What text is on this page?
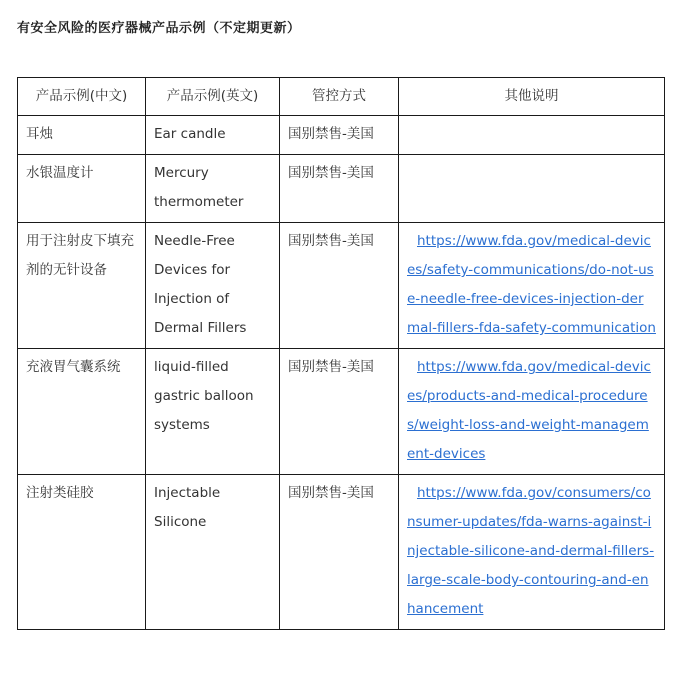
有安全风险的医疗器械产品示例（不定期更新）
产品示例(中文)	产品示例(英文)	管控方式	其他说明
耳烛	Ear candle	国别禁售-美国	
水银温度计	Mercury thermometer	国别禁售-美国	
用于注射皮下填充剂的无针设备	Needle-Free Devices for Injection of Dermal Fillers	国别禁售-美国	https://www.fda.gov/medical-devices/safety-communications/do-not-use-needle-free-devices-injection-dermal-fillers-fda-safety-communication
充液胃气囊系统	liquid-filled gastric balloon systems	国别禁售-美国	https://www.fda.gov/medical-devices/products-and-medical-procedures/weight-loss-and-weight-management-devices
注射类硅胶	Injectable Silicone	国别禁售-美国	https://www.fda.gov/consumers/consumer-updates/fda-warns-against-injectable-silicone-and-dermal-fillers-large-scale-body-contouring-and-enhancement
